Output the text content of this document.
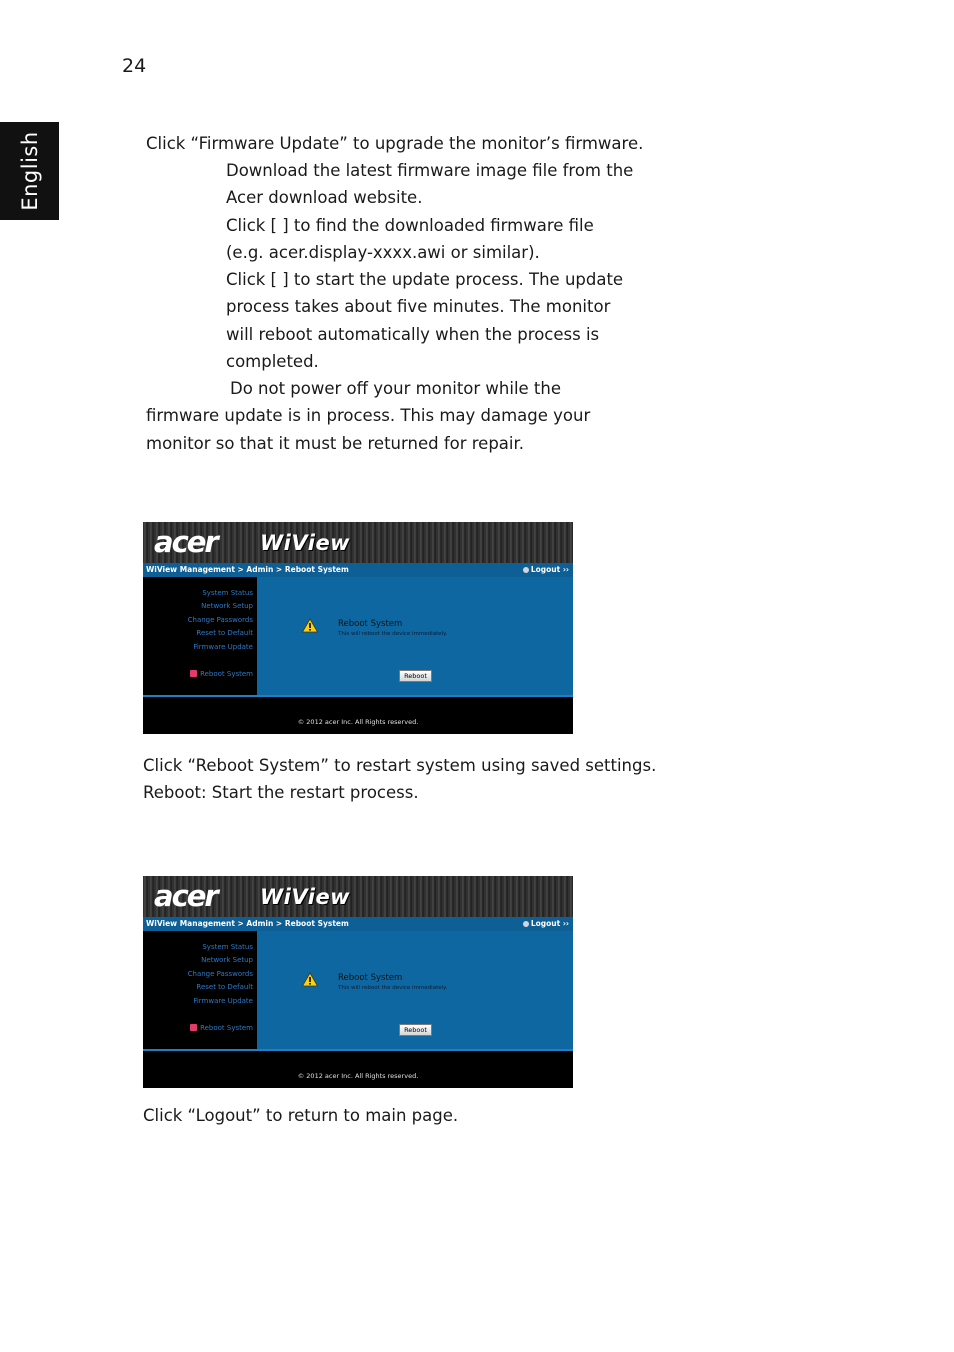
24
English	Click “Firmware Update” to upgrade the monitor’s firmware.
Download the latest firmware image file from the
Acer download website.
Click [ ] to find the downloaded firmware file
(e.g. acer.display-xxxx.awi or similar).
Click [ ] to start the update process. The update
process takes about five minutes. The monitor
will reboot automatically when the process is
completed.
Do not power off your monitor while the
firmware update is in process. This may damage your
monitor so that it must be returned for repair.
acer WiView
WiView Management > Admin > Reboot System	Logout ››
System Status
Network Setup
Change Passwords
Reset to Default
Firmware Update
Reboot System
Reboot System
This will reboot the device immediately.
Reboot
© 2012 acer Inc. All Rights reserved.
Click “Reboot System” to restart system using saved settings.
Reboot: Start the restart process.
acer WiView
WiView Management > Admin > Reboot System	Logout ››
System Status
Network Setup
Change Passwords
Reset to Default
Firmware Update
Reboot System
Reboot System
This will reboot the device immediately.
Reboot
© 2012 acer Inc. All Rights reserved.
Click “Logout” to return to main page.
